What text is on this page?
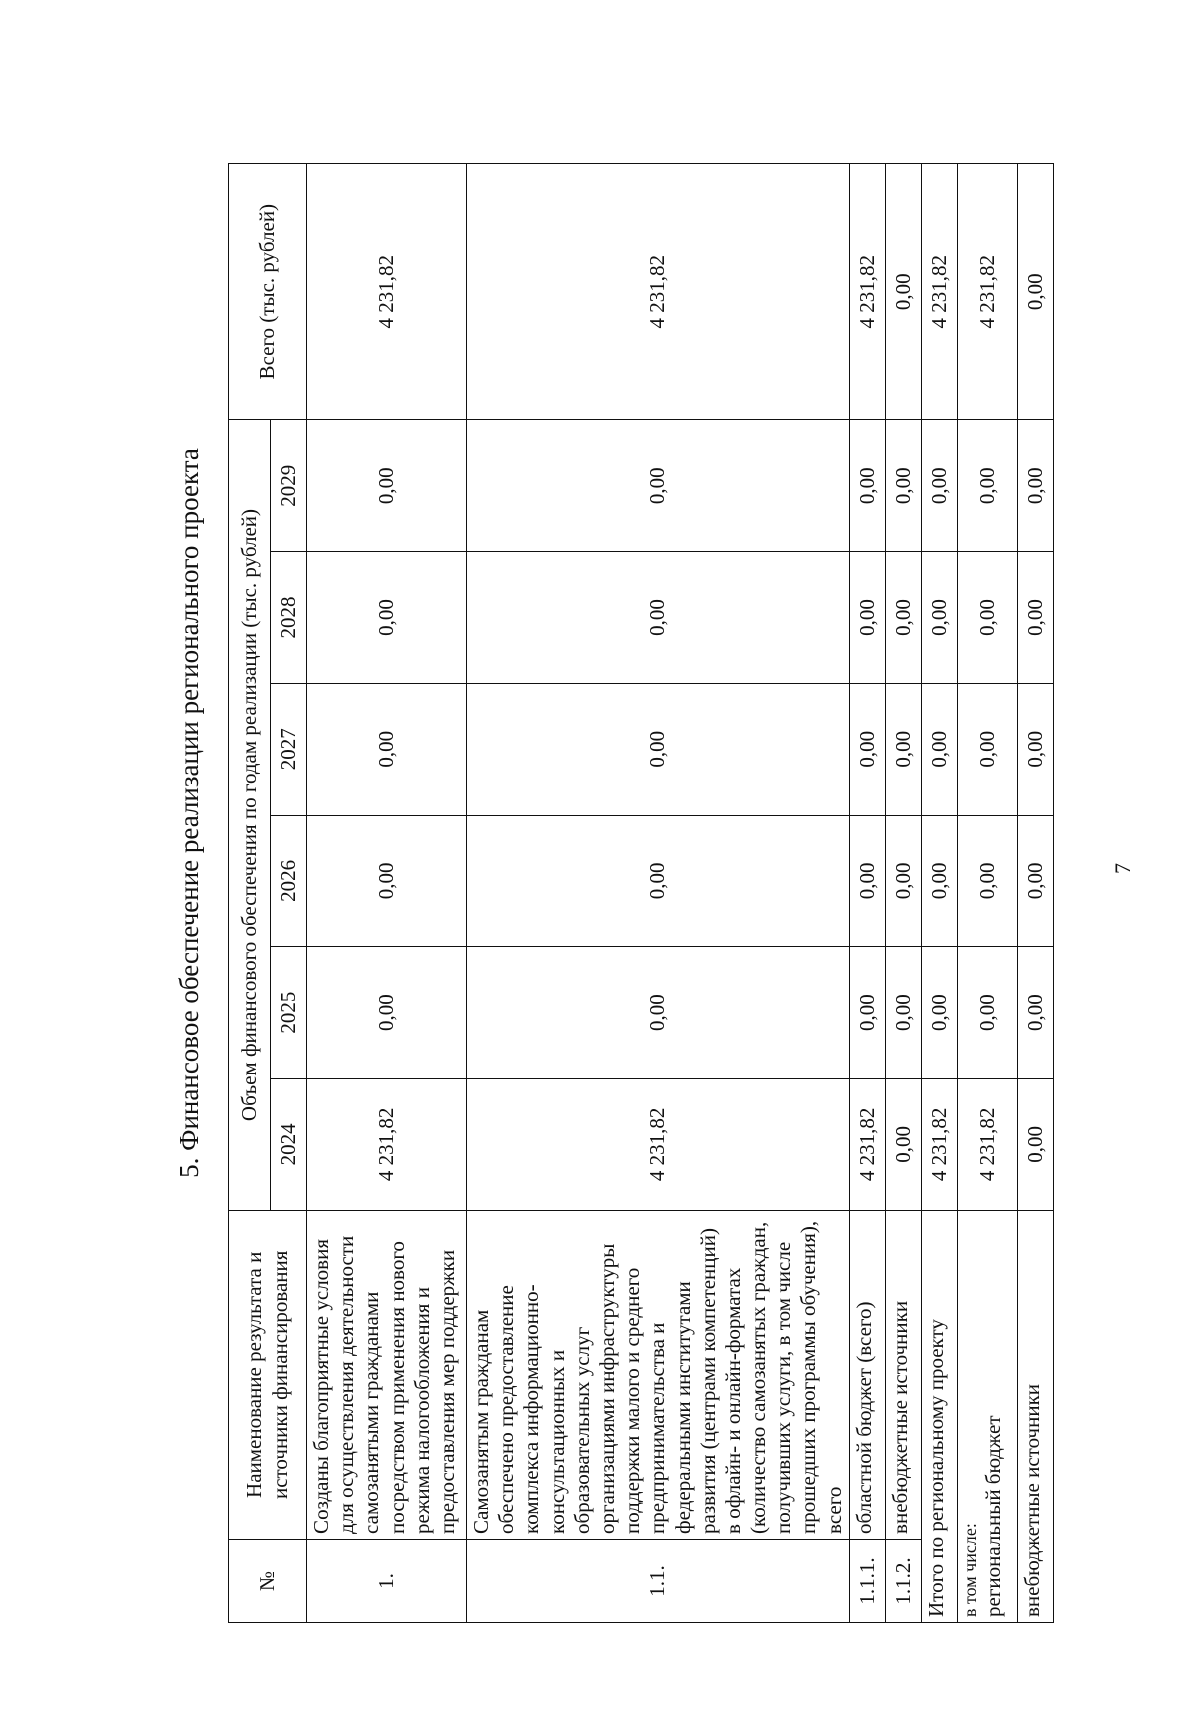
7
5. Финансовое обеспечение реализации регионального проекта
№	Наименование результата и источники финансирования	Объем финансового обеспечения по годам реализации (тыс. рублей)						Всего (тыс. рублей)
		2024	2025	2026	2027	2028	2029	
1.	Созданы благоприятные условия для осуществления деятельности самозанятыми гражданами посредством применения нового режима налогообложения и предоставления мер поддержки	4 231,82	0,00	0,00	0,00	0,00	0,00	4 231,82
1.1.	Самозанятым гражданам обеспечено предоставление комплекса информационно-консультационных и образовательных услуг организациями инфраструктуры поддержки малого и среднего предпринимательства и федеральными институтами развития (центрами компетенций) в офлайн- и онлайн-форматах (количество самозанятых граждан, получивших услуги, в том числе прошедших программы обучения), всего	4 231,82	0,00	0,00	0,00	0,00	0,00	4 231,82
1.1.1.	областной бюджет (всего)	4 231,82	0,00	0,00	0,00	0,00	0,00	4 231,82
1.1.2.	внебюджетные источники	0,00	0,00	0,00	0,00	0,00	0,00	0,00
Итого по региональному проекту		4 231,82	0,00	0,00	0,00	0,00	0,00	4 231,82

в том числе: региональный бюджет		4 231,82	0,00	0,00	0,00	0,00	0,00	4 231,82
внебюджетные источники		0,00	0,00	0,00	0,00	0,00	0,00	0,00
